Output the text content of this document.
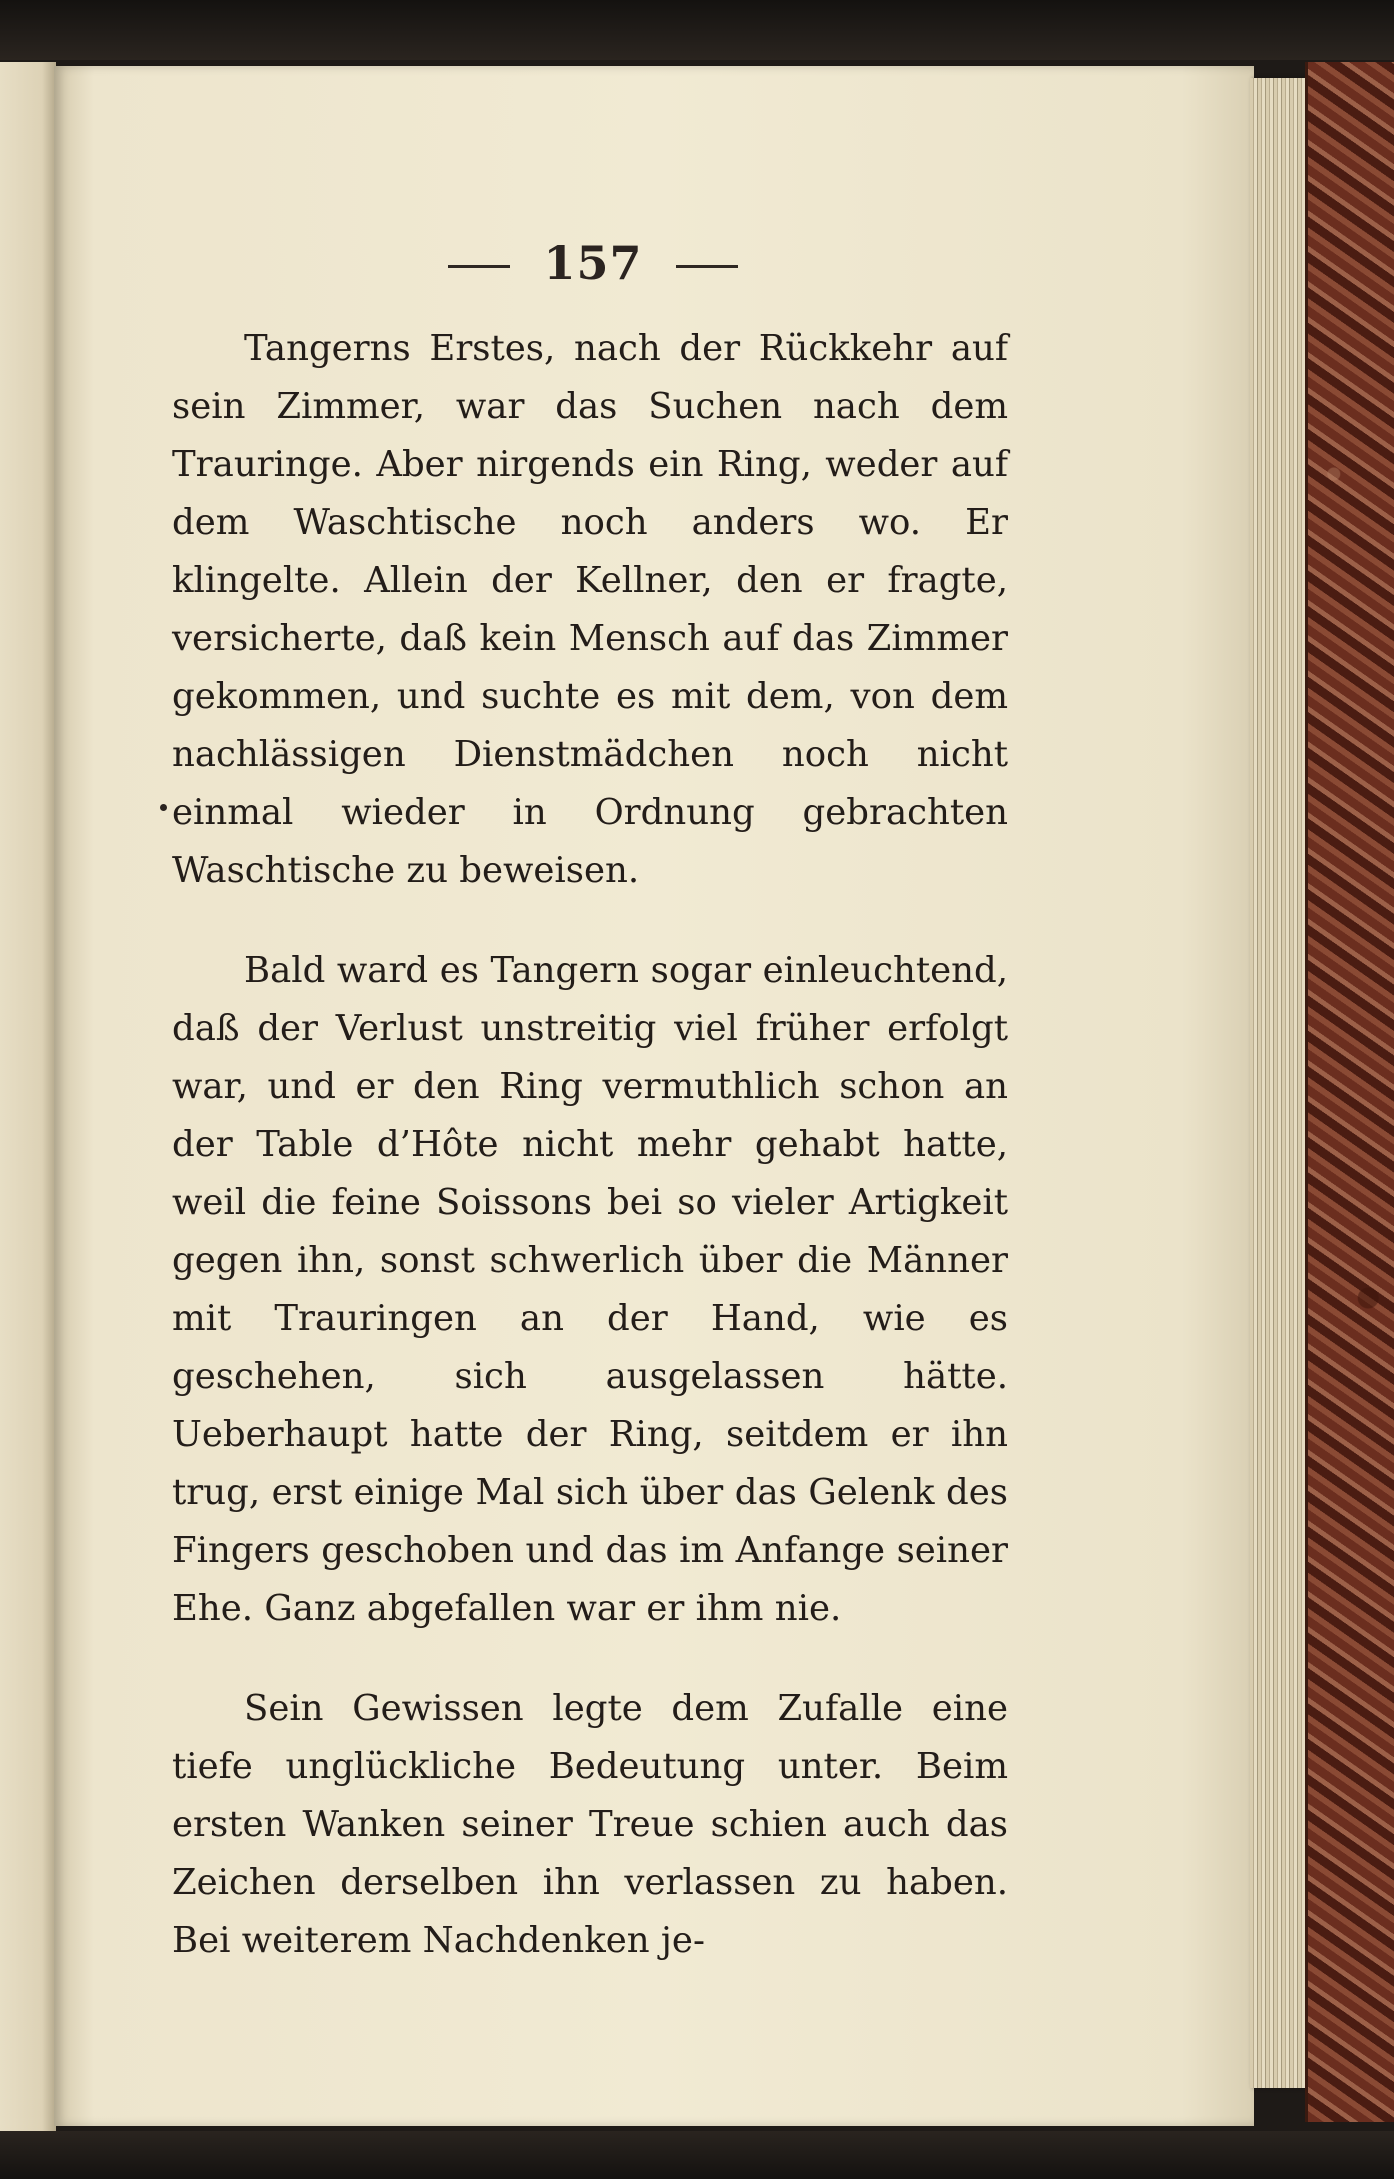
157

Tangerns Erstes, nach der Rückkehr auf sein Zimmer, war das Suchen nach dem Trauringe. Aber nirgends ein Ring, weder auf dem Waschtische noch anders wo. Er klingelte. Allein der Kellner, den er fragte, versicherte, daß kein Mensch auf das Zimmer gekommen, und suchte es mit dem, von dem nachlässigen Dienstmädchen noch nicht einmal wieder in Ordnung gebrachten Waschtische zu beweisen.

Bald ward es Tangern sogar einleuchtend, daß der Verlust unstreitig viel früher erfolgt war, und er den Ring vermuthlich schon an der Table d’Hôte nicht mehr gehabt hatte, weil die feine Soissons bei so vieler Artigkeit gegen ihn, sonst schwerlich über die Männer mit Trauringen an der Hand, wie es geschehen, sich ausgelassen hätte. Ueberhaupt hatte der Ring, seitdem er ihn trug, erst einige Mal sich über das Gelenk des Fingers geschoben und das im Anfange seiner Ehe. Ganz abgefallen war er ihm nie.

Sein Gewissen legte dem Zufalle eine tiefe unglückliche Bedeutung unter. Beim ersten Wanken seiner Treue schien auch das Zeichen derselben ihn verlassen zu haben. Bei weiterem Nachdenken je-
